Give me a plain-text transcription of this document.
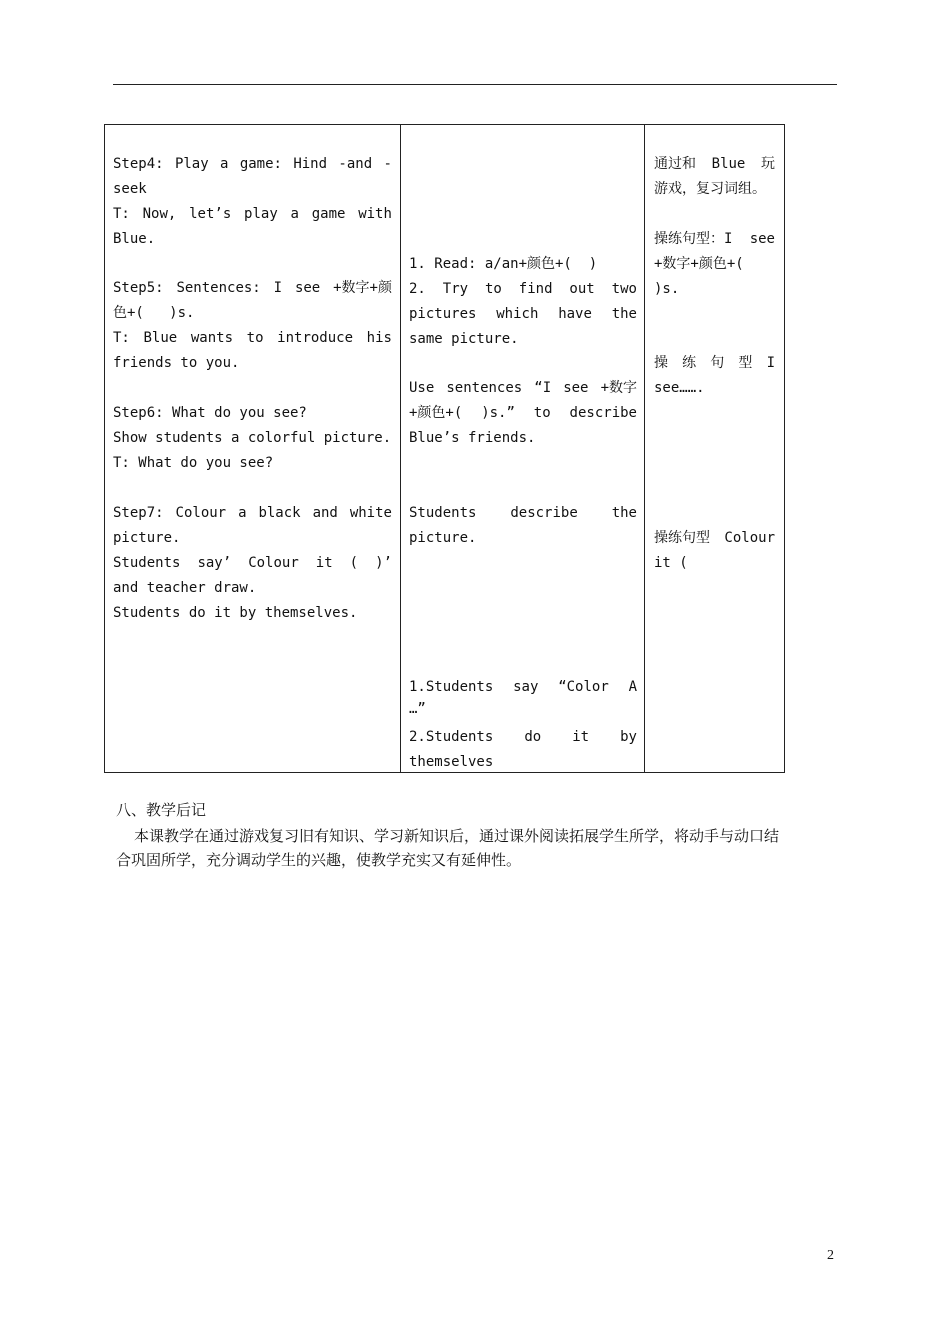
Step4: Play a game: Hind -and -
seek
T: Now, let’s play a game with
Blue.
Step5: Sentences: I see +数字+颜
色+(   )s.
T: Blue wants to introduce his
friends to you.
Step6: What do you see?
Show students a colorful picture.
T: What do you see?
Step7: Colour a black and white
picture.
Students say’ Colour it ( )’
and teacher draw.
Students do it by themselves.
1. Read: a/an+颜色+(  )
2. Try to find out two
pictures which have the
same picture.
Use sentences “I see +数字
+颜色+( )s.” to describe
Blue’s friends.
Students describe the
picture.
1.Students say “Color A
…”
2.Students do it by
themselves
通过和 Blue 玩
游戏，复习词组。
操练句型：I see
+数字+颜色+(
)s.
操 练 句 型 I
see…….
操练句型 Colour
it (
八、教学后记
本课教学在通过游戏复习旧有知识、学习新知识后，通过课外阅读拓展学生所学，将动手与动口结
合巩固所学，充分调动学生的兴趣，使教学充实又有延伸性。
2
